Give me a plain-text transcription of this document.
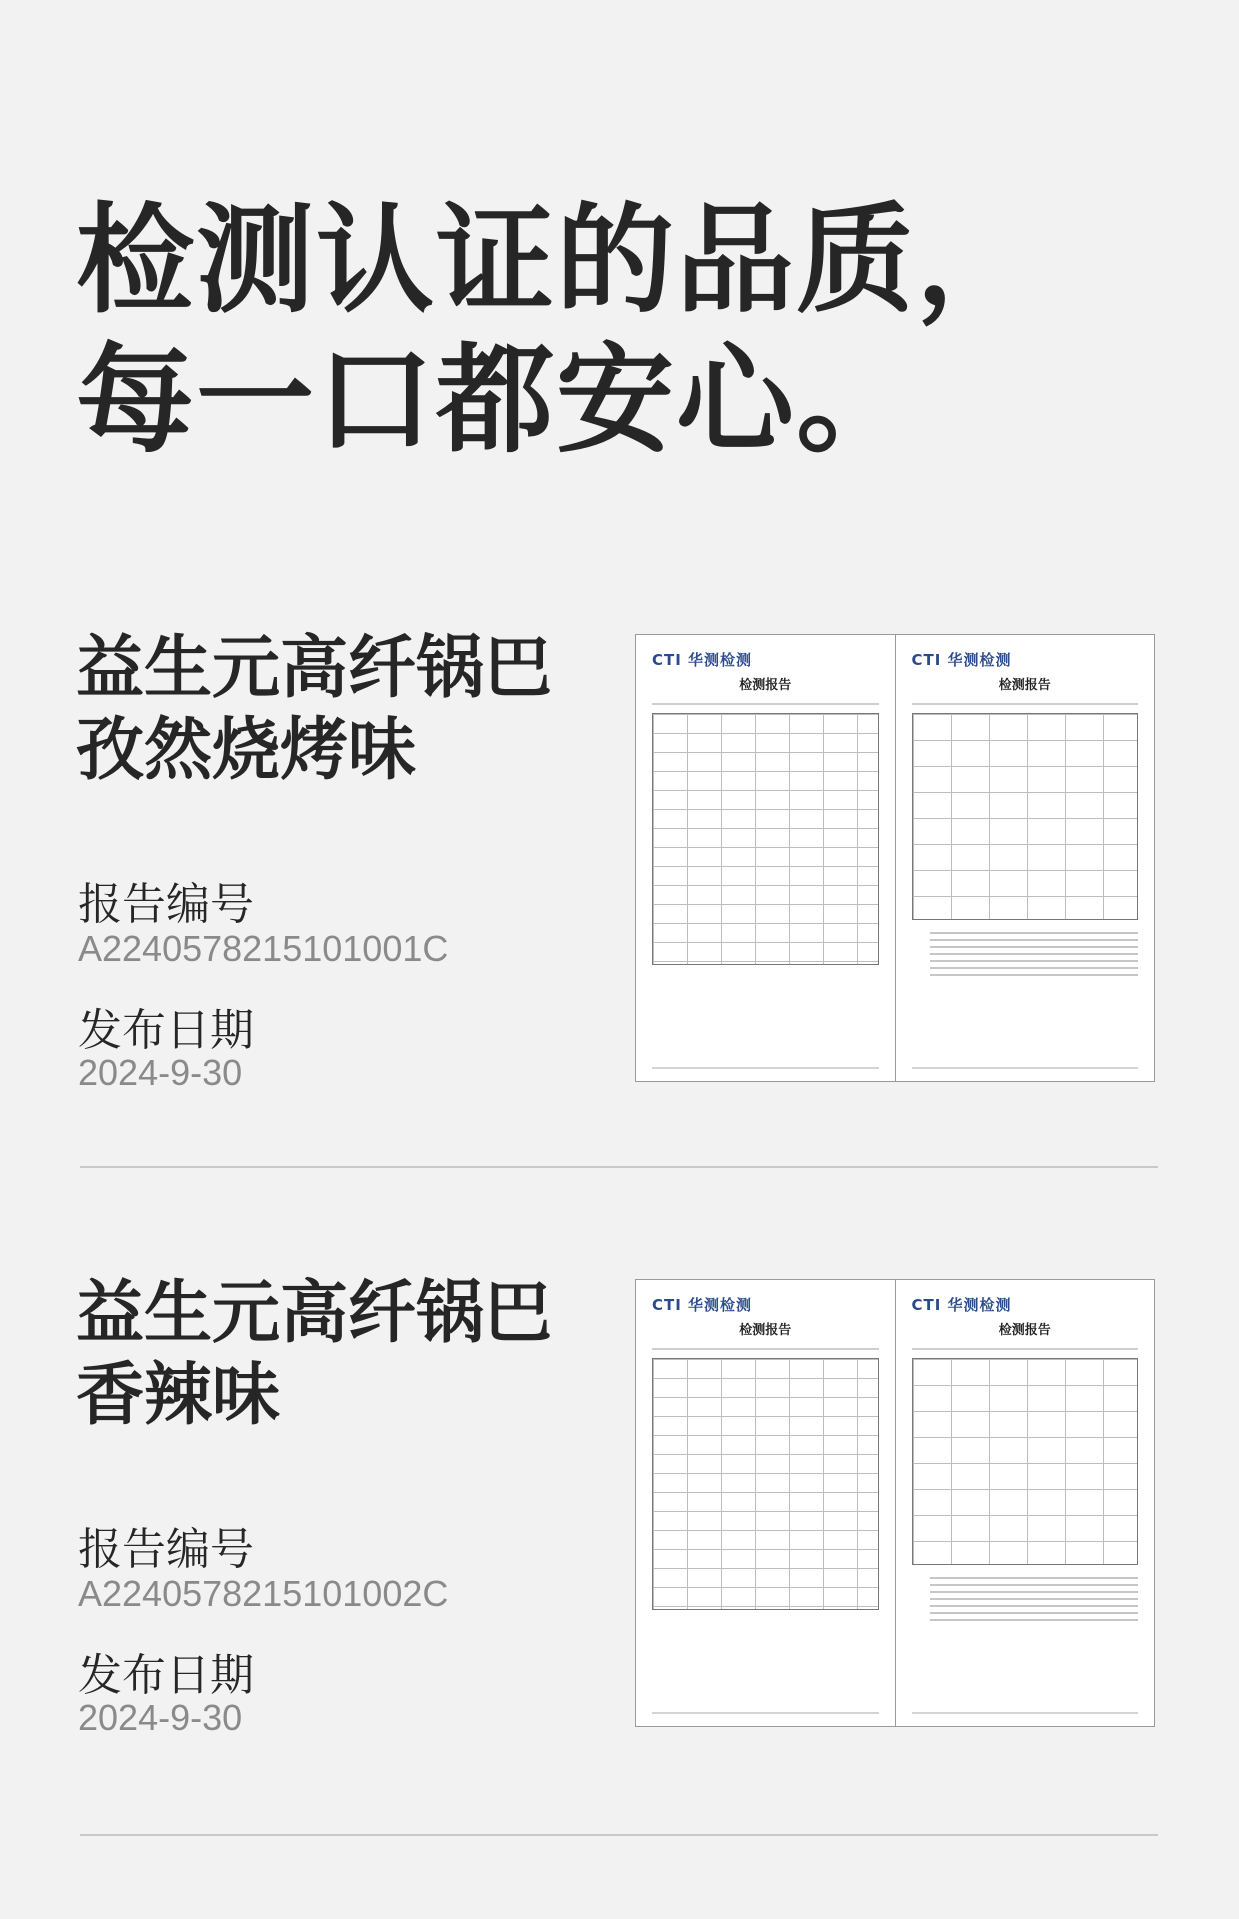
检测认证的品质，
每一口都安心。
益生元高纤锅巴
孜然烧烤味
报告编号
A2240578215101001C
发布日期
2024-9-30
CTI 华测检测
检测报告
CTI 华测检测
检测报告
益生元高纤锅巴
香辣味
报告编号
A2240578215101002C
发布日期
2024-9-30
CTI 华测检测
检测报告
CTI 华测检测
检测报告
